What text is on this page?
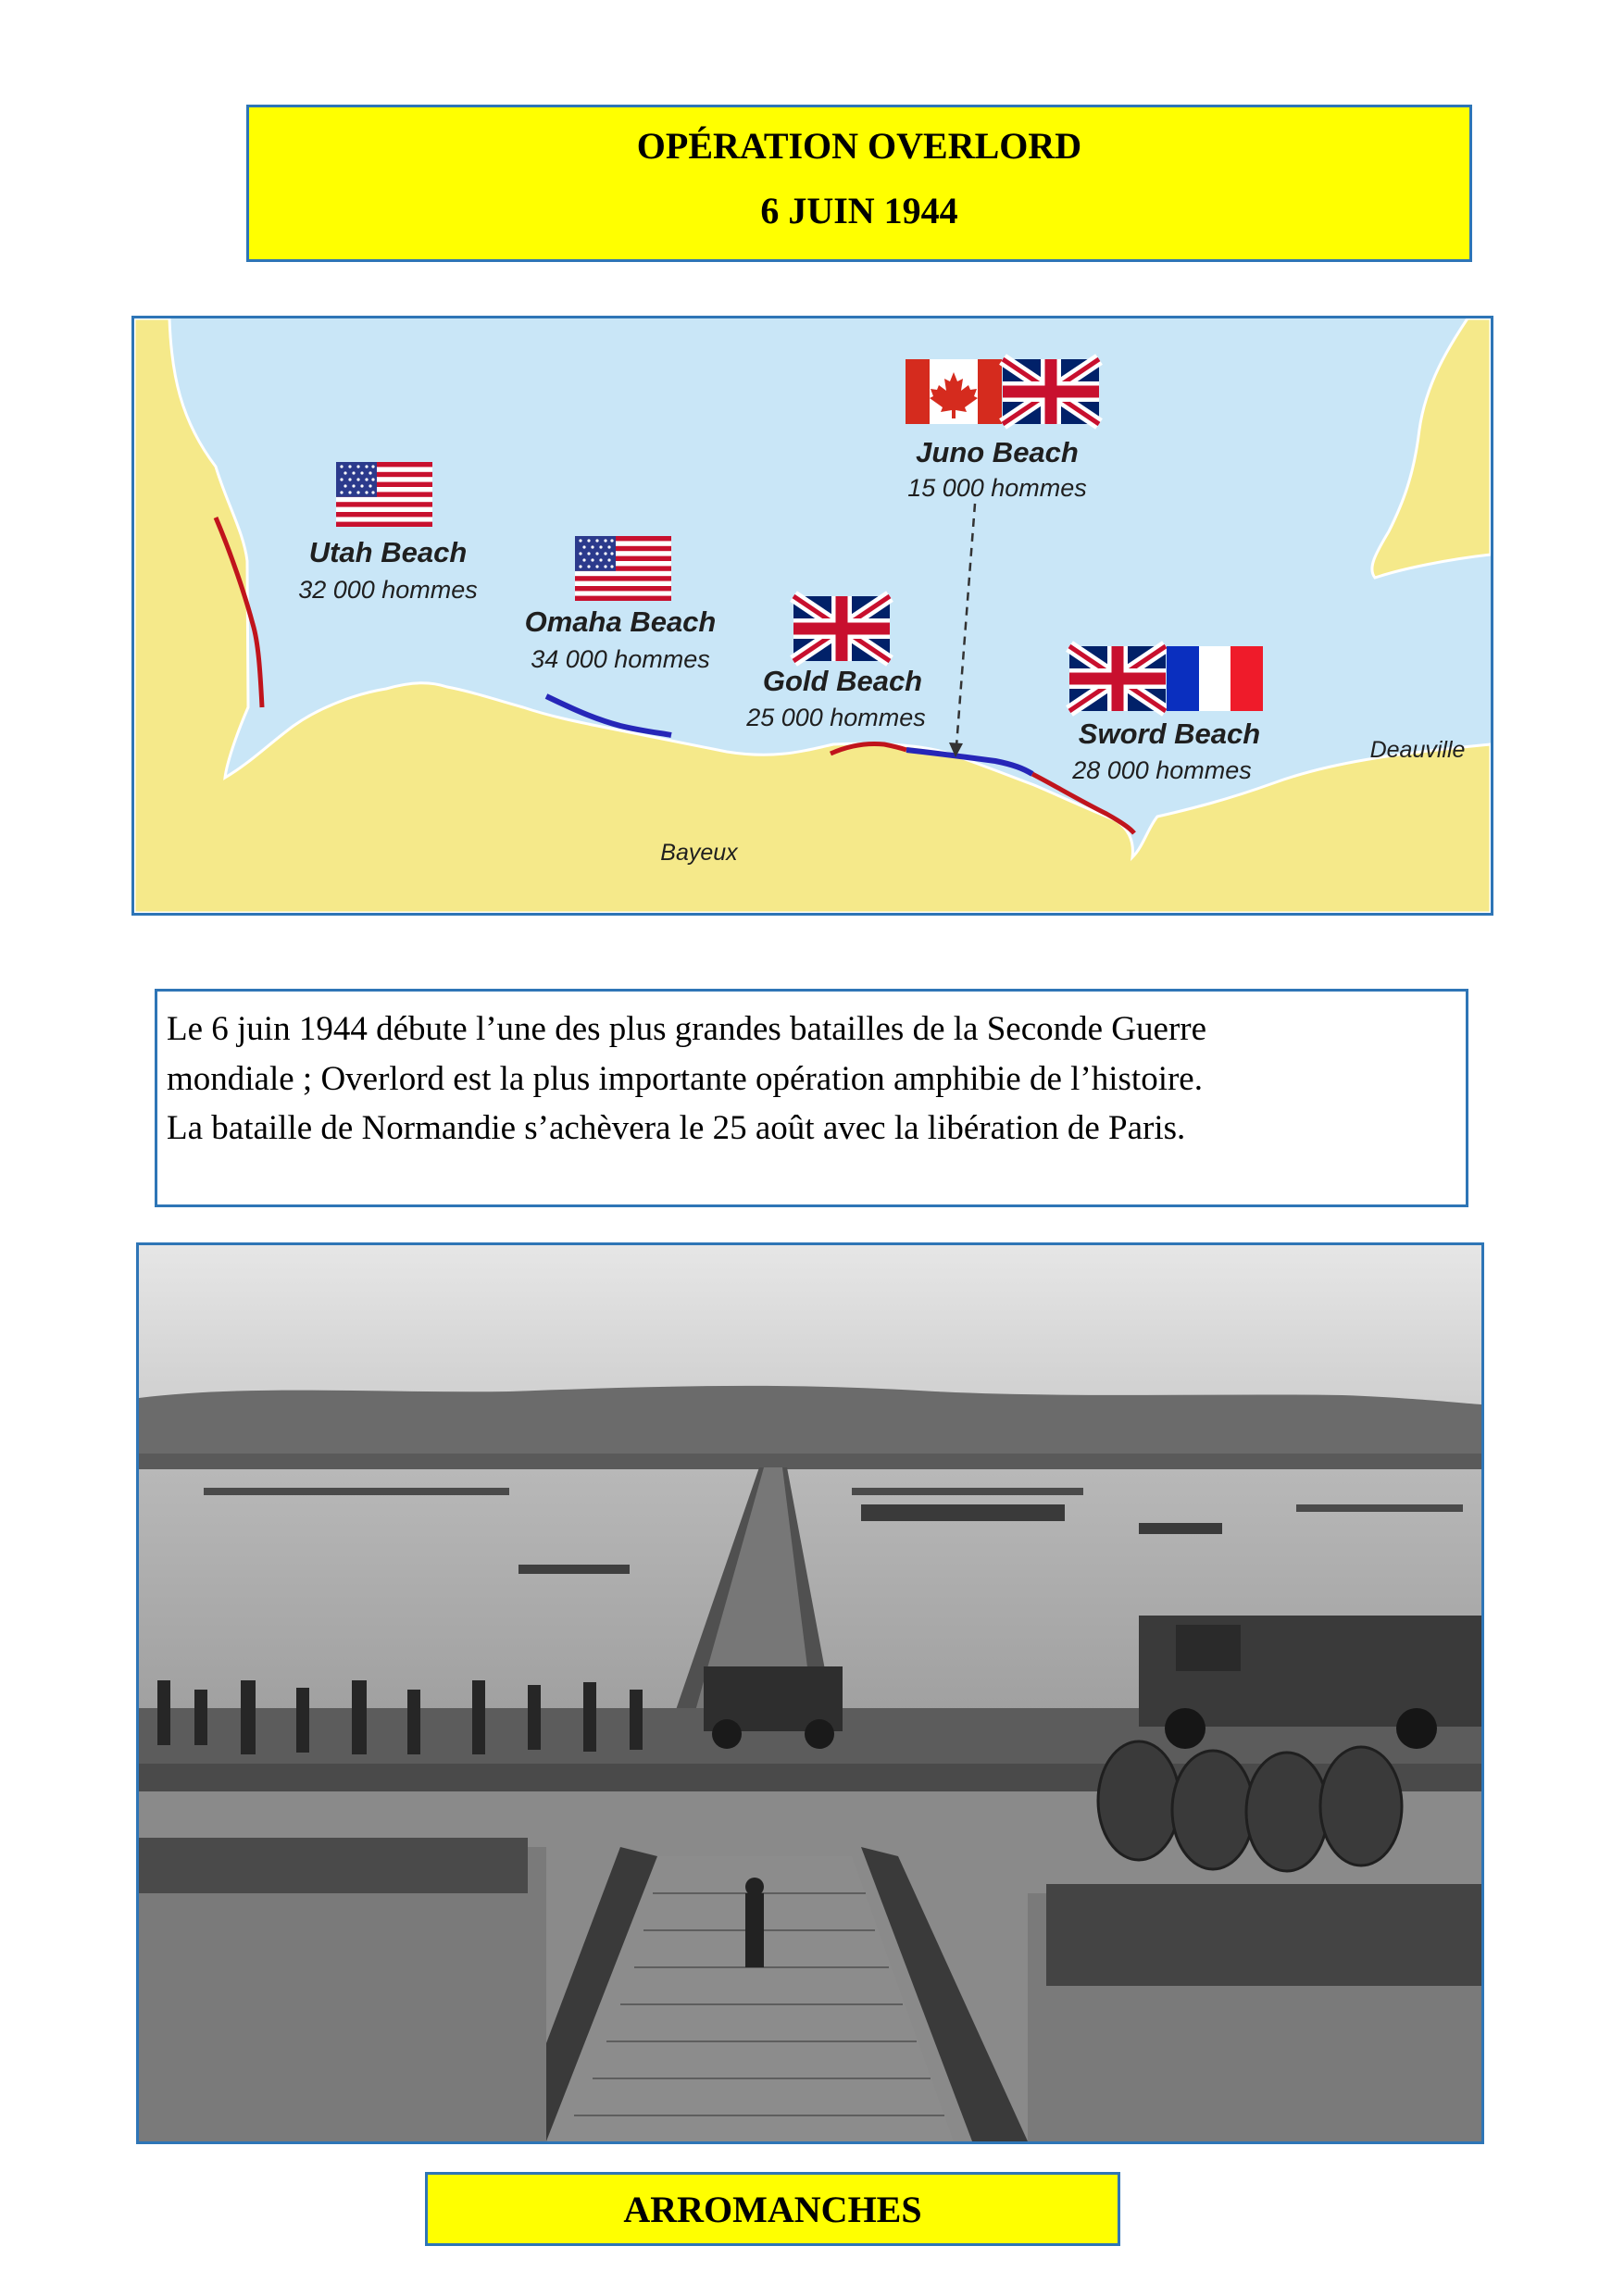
OPÉRATION OVERLORD
6 JUIN 1944
Utah Beach
32 000 hommes
Omaha Beach
34 000 hommes
Gold Beach
25 000 hommes
Juno Beach
15 000 hommes
Sword Beach
28 000 hommes
Bayeux
Deauville

Le 6 juin 1944 débute l’une des plus grandes batailles de la Seconde Guerre

mondiale ; Overlord est la plus importante opération amphibie de l’histoire.

La bataille de Normandie s’achèvera le 25 août avec la libération de Paris.

ARROMANCHES
